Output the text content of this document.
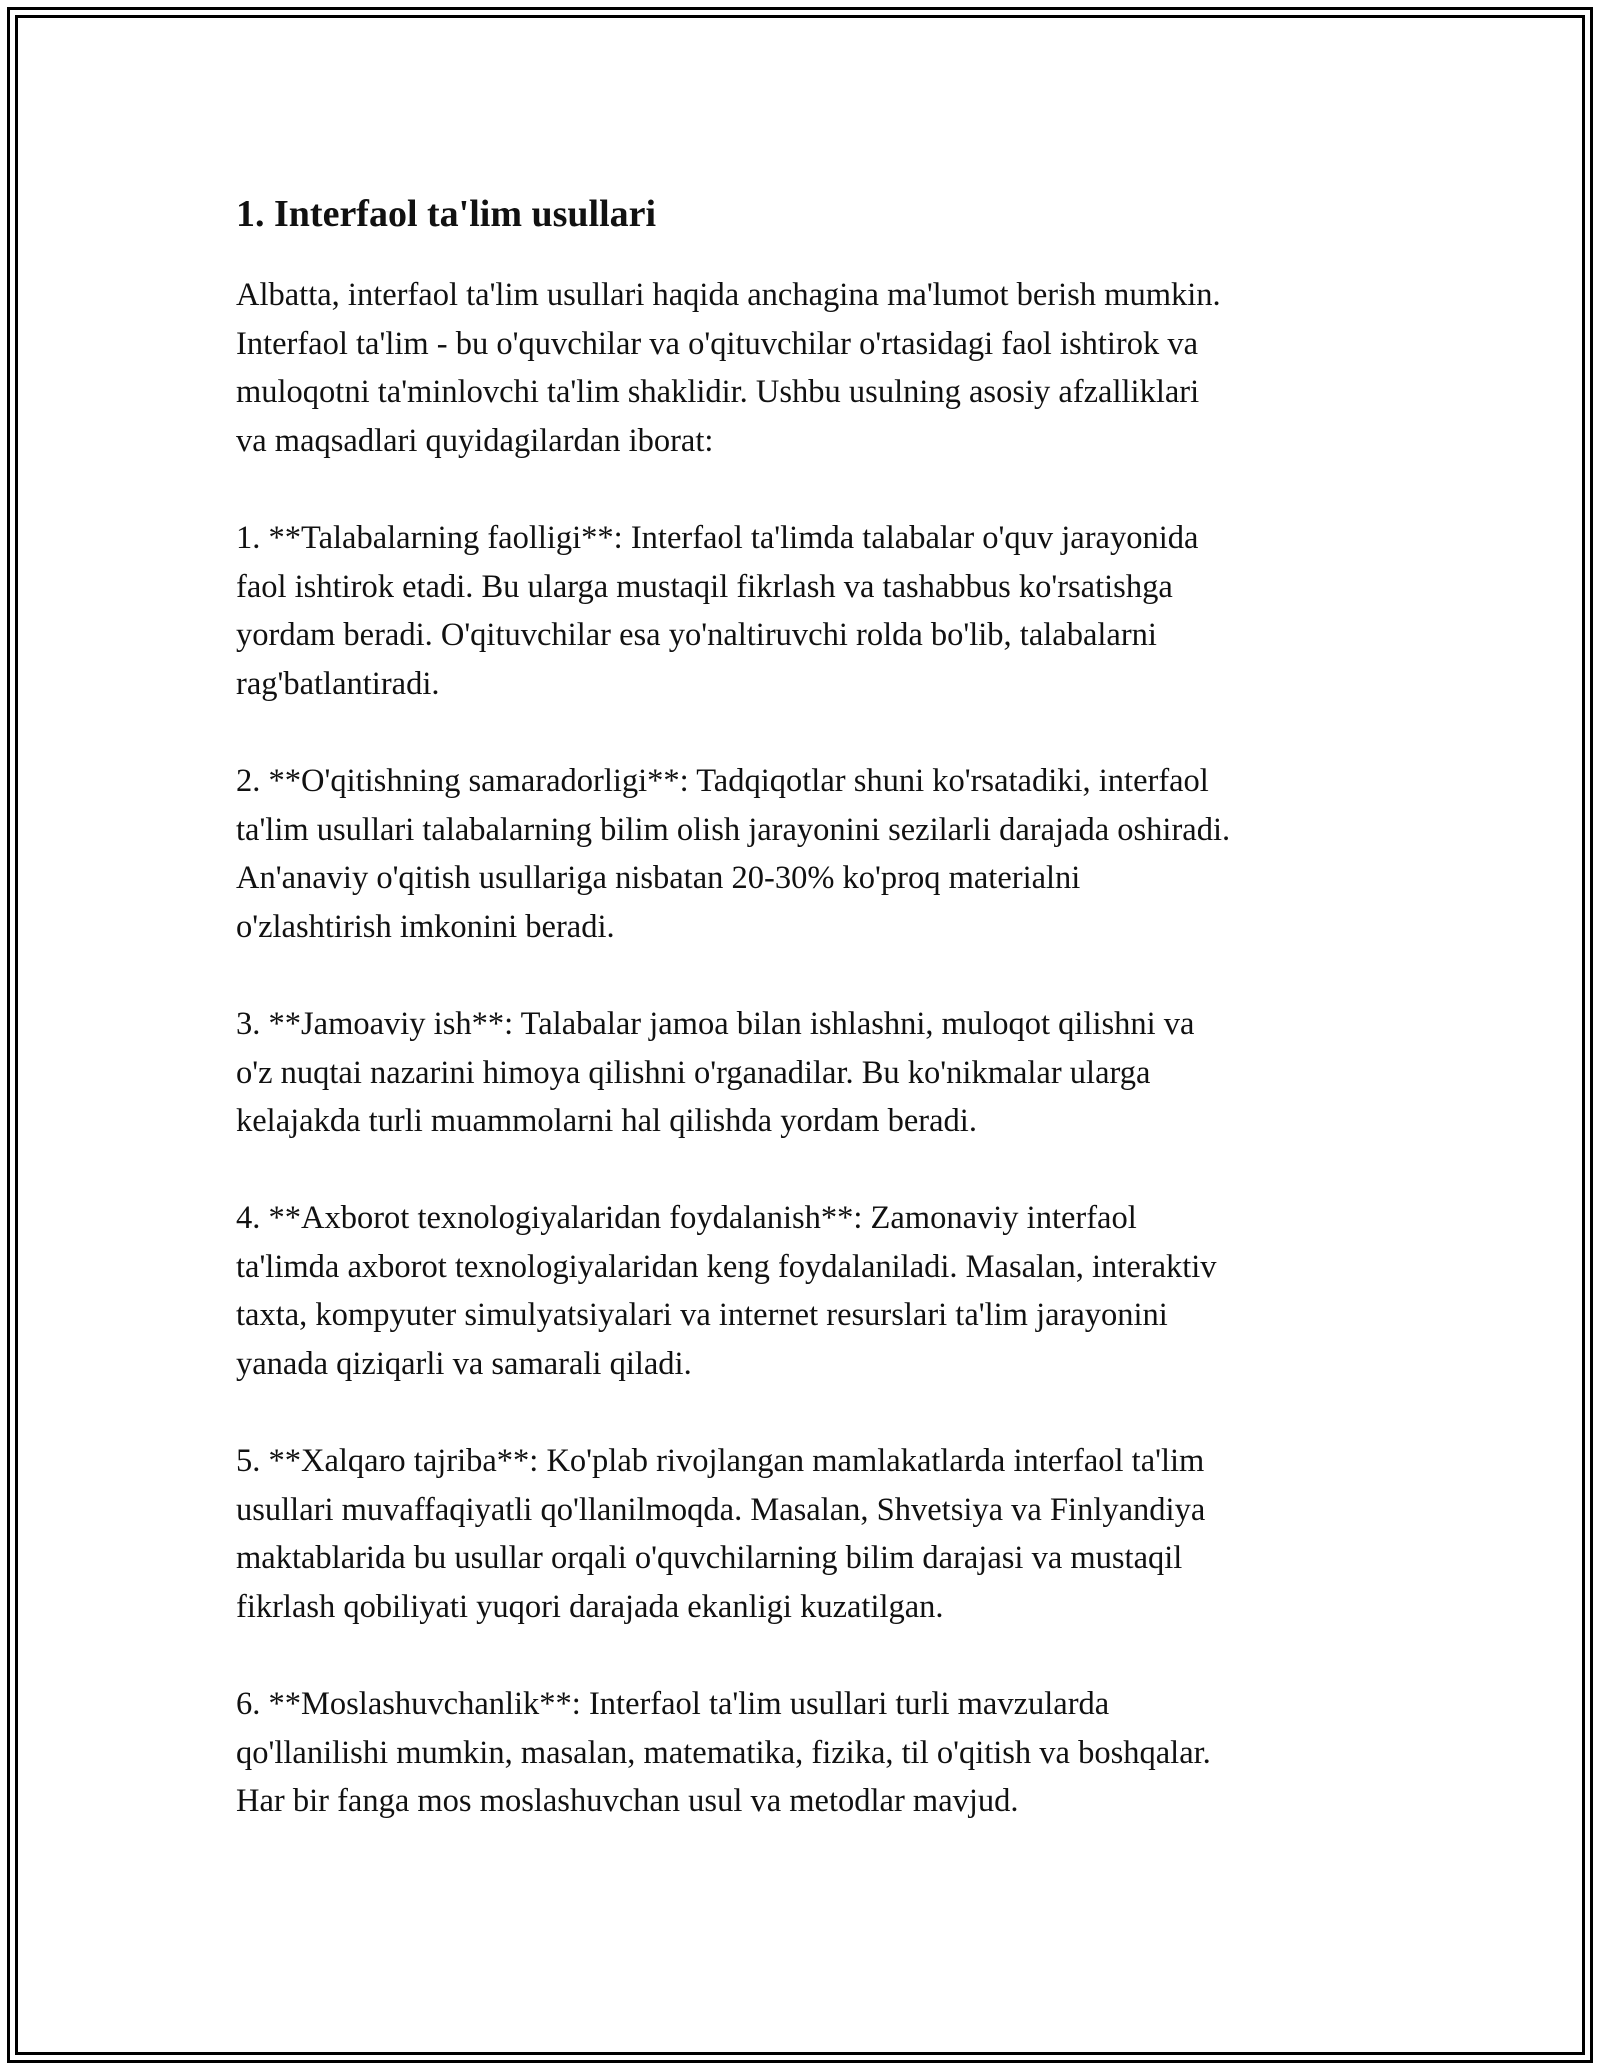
1. Interfaol ta'lim usullari
Albatta, interfaol ta'lim usullari haqida anchagina ma'lumot berish mumkin.
Interfaol ta'lim - bu o'quvchilar va o'qituvchilar o'rtasidagi faol ishtirok va
muloqotni ta'minlovchi ta'lim shaklidir. Ushbu usulning asosiy afzalliklari
va maqsadlari quyidagilardan iborat:
1. **Talabalarning faolligi**: Interfaol ta'limda talabalar o'quv jarayonida
faol ishtirok etadi. Bu ularga mustaqil fikrlash va tashabbus ko'rsatishga
yordam beradi. O'qituvchilar esa yo'naltiruvchi rolda bo'lib, talabalarni
rag'batlantiradi.
2. **O'qitishning samaradorligi**: Tadqiqotlar shuni ko'rsatadiki, interfaol
ta'lim usullari talabalarning bilim olish jarayonini sezilarli darajada oshiradi.
An'anaviy o'qitish usullariga nisbatan 20-30% ko'proq materialni
o'zlashtirish imkonini beradi.
3. **Jamoaviy ish**: Talabalar jamoa bilan ishlashni, muloqot qilishni va
o'z nuqtai nazarini himoya qilishni o'rganadilar. Bu ko'nikmalar ularga
kelajakda turli muammolarni hal qilishda yordam beradi.
4. **Axborot texnologiyalaridan foydalanish**: Zamonaviy interfaol
ta'limda axborot texnologiyalaridan keng foydalaniladi. Masalan, interaktiv
taxta, kompyuter simulyatsiyalari va internet resurslari ta'lim jarayonini
yanada qiziqarli va samarali qiladi.
5. **Xalqaro tajriba**: Ko'plab rivojlangan mamlakatlarda interfaol ta'lim
usullari muvaffaqiyatli qo'llanilmoqda. Masalan, Shvetsiya va Finlyandiya
maktablarida bu usullar orqali o'quvchilarning bilim darajasi va mustaqil
fikrlash qobiliyati yuqori darajada ekanligi kuzatilgan.
6. **Moslashuvchanlik**: Interfaol ta'lim usullari turli mavzularda
qo'llanilishi mumkin, masalan, matematika, fizika, til o'qitish va boshqalar.
Har bir fanga mos moslashuvchan usul va metodlar mavjud.
